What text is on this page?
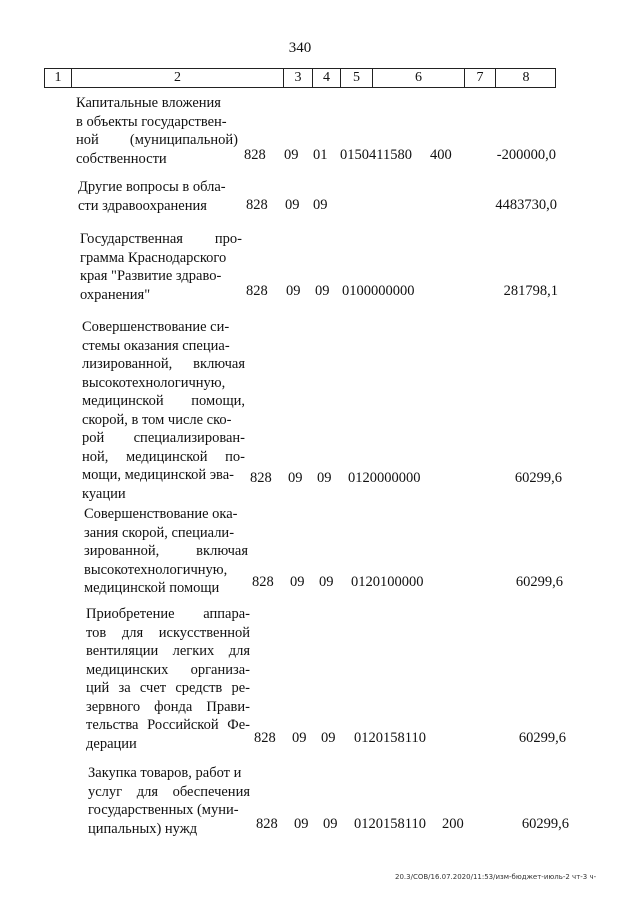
340
1	2	3	4	5	6	7	8
Капитальные вложения
в объекты государствен-
ной (муниципальной)
собственности	828 09 01 0150411580 400	-200000,0
Другие вопросы в обла-
сти здравоохранения	828 09 09	4483730,0
Государственная про-
грамма Краснодарского
края "Развитие здраво-
охранения"	828 09 09 0100000000	281798,1
Совершенствование си-
стемы оказания специа-
лизированной, включая
высокотехнологичную,
медицинской помощи,
скорой, в том числе ско-
рой специализирован-
ной, медицинской по-
мощи, медицинской эва-
куации
828 09 09 0120000000	60299,6
Совершенствование ока-
зания скорой, специали-
зированной, включая
высокотехнологичную,
медицинской помощи	828 09 09 0120100000	60299,6
Приобретение аппара-
тов для искусственной
вентиляции легких для
медицинских организа-
ций за счет средств ре-
зервного фонда Прави-
тельства Российской Фе-
дерации	828 09 09 0120158110	60299,6
Закупка товаров, работ и
услуг для обеспечения
государственных (муни-
ципальных) нужд	828 09 09 0120158110 200	60299,6
20.3/СОВ/16.07.2020/11:53/изм-бюджет-июль-2 чт-3 ч-
